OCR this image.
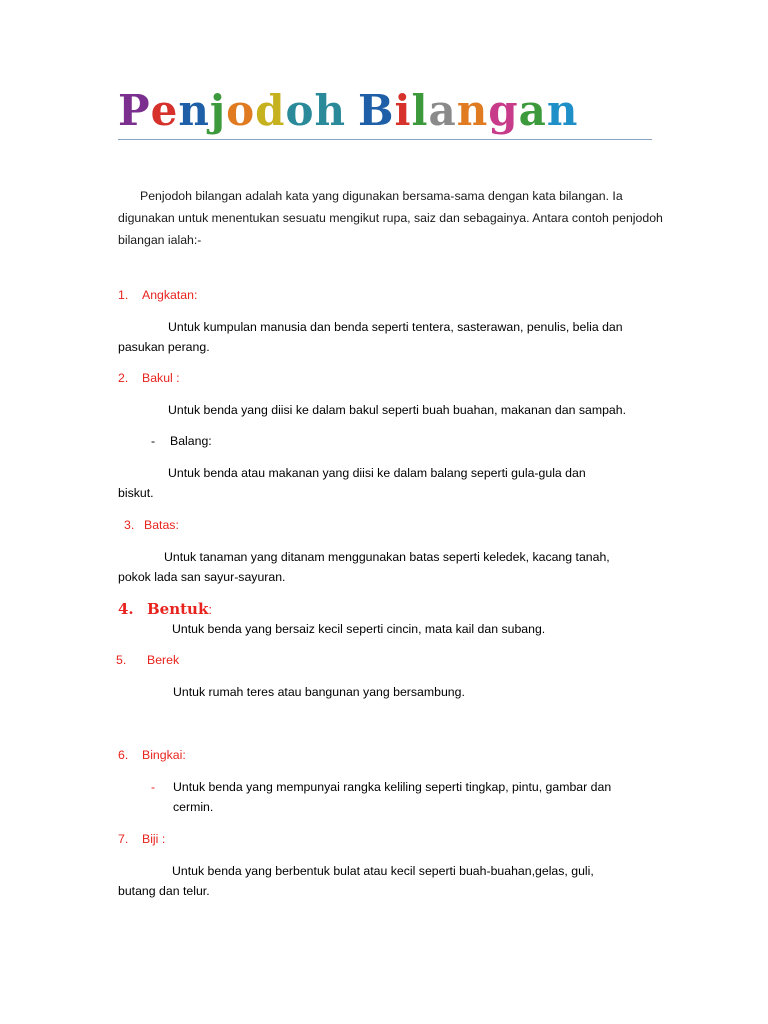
Penjodoh Bilangan
Penjodoh bilangan adalah kata yang digunakan bersama-sama dengan kata bilangan. Ia
digunakan untuk menentukan sesuatu mengikut rupa, saiz dan sebagainya. Antara contoh penjodoh
bilangan ialah:-
1. Angkatan:
Untuk kumpulan manusia dan benda seperti tentera, sasterawan, penulis, belia dan
pasukan perang.
2. Bakul :
Untuk benda yang diisi ke dalam bakul seperti buah buahan, makanan dan sampah.
- Balang:
Untuk benda atau makanan yang diisi ke dalam balang seperti gula-gula dan
biskut.
3. Batas:
Untuk tanaman yang ditanam menggunakan batas seperti keledek, kacang tanah,
pokok lada san sayur-sayuran.
4. Bentuk:
Untuk benda yang bersaiz kecil seperti cincin, mata kail dan subang.
5. Berek
Untuk rumah teres atau bangunan yang bersambung.
6. Bingkai:
- Untuk benda yang mempunyai rangka keliling seperti tingkap, pintu, gambar dan
cermin.
7. Biji :
Untuk benda yang berbentuk bulat atau kecil seperti buah-buahan,gelas, guli,
butang dan telur.
